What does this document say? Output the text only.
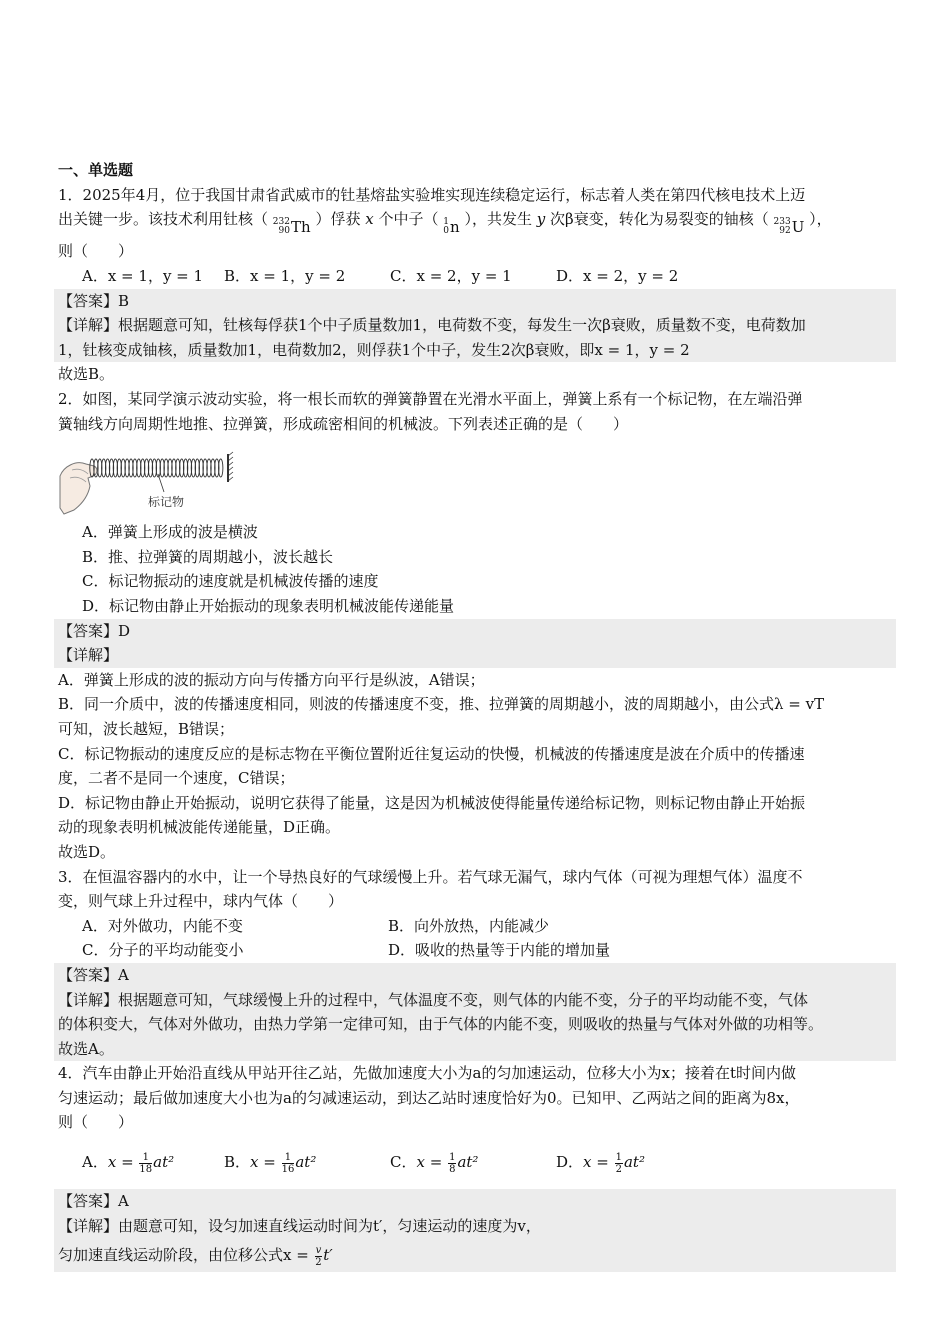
一、单选题
1．2025年4月，位于我国甘肃省武威市的钍基熔盐实验堆实现连续稳定运行，标志着人类在第四代核电技术上迈
出关键一步。该技术利用钍核（ 232
90 Th ）俘获 x 个中子（ 1
0 n ），共发生 y 次β衰变，转化为易裂变的铀核（ 233
92 U ），
则（　　）
A．x = 1，y = 1	B．x = 1，y = 2	C．x = 2，y = 1	D．x = 2，y = 2
【答案】B
【详解】根据题意可知，钍核每俘获1个中子质量数加1，电荷数不变，每发生一次β衰败，质量数不变，电荷数加
1，钍核变成铀核，质量数加1，电荷数加2，则俘获1个中子，发生2次β衰败，即x = 1，y = 2
故选B。
2．如图，某同学演示波动实验，将一根长而软的弹簧静置在光滑水平面上，弹簧上系有一个标记物，在左端沿弹
簧轴线方向周期性地推、拉弹簧，形成疏密相间的机械波。下列表述正确的是（　　）
标记物
A．弹簧上形成的波是横波
B．推、拉弹簧的周期越小，波长越长
C．标记物振动的速度就是机械波传播的速度
D．标记物由静止开始振动的现象表明机械波能传递能量
【答案】D
【详解】
A．弹簧上形成的波的振动方向与传播方向平行是纵波，A错误；
B．同一介质中，波的传播速度相同，则波的传播速度不变，推、拉弹簧的周期越小，波的周期越小，由公式λ = vT
可知，波长越短，B错误；
C．标记物振动的速度反应的是标志物在平衡位置附近往复运动的快慢，机械波的传播速度是波在介质中的传播速
度，二者不是同一个速度，C错误；
D．标记物由静止开始振动，说明它获得了能量，这是因为机械波使得能量传递给标记物，则标记物由静止开始振
动的现象表明机械波能传递能量，D正确。
故选D。
3．在恒温容器内的水中，让一个导热良好的气球缓慢上升。若气球无漏气，球内气体（可视为理想气体）温度不
变，则气球上升过程中，球内气体（　　）
A．对外做功，内能不变	B．向外放热，内能减少
C．分子的平均动能变小	D．吸收的热量等于内能的增加量
【答案】A
【详解】根据题意可知，气球缓慢上升的过程中，气体温度不变，则气体的内能不变，分子的平均动能不变，气体
的体积变大，气体对外做功，由热力学第一定律可知，由于气体的内能不变，则吸收的热量与气体对外做的功相等。
故选A。
4．汽车由静止开始沿直线从甲站开往乙站，先做加速度大小为a的匀加速运动，位移大小为x；接着在t时间内做
匀速运动；最后做加速度大小也为a的匀减速运动，到达乙站时速度恰好为0。已知甲、乙两站之间的距离为8x，
则（　　）
A．$x = \frac{1}{18} at^2$	B．$x = \frac{1}{16} at^2$	C．$x = \frac{1}{8} at^2$	D．$x = \frac{1}{2} at^2$
【答案】A
【详解】由题意可知，设匀加速直线运动时间为t′，匀速运动的速度为v，
匀加速直线运动阶段，由位移公式$x = \frac{v}{2} t'$
